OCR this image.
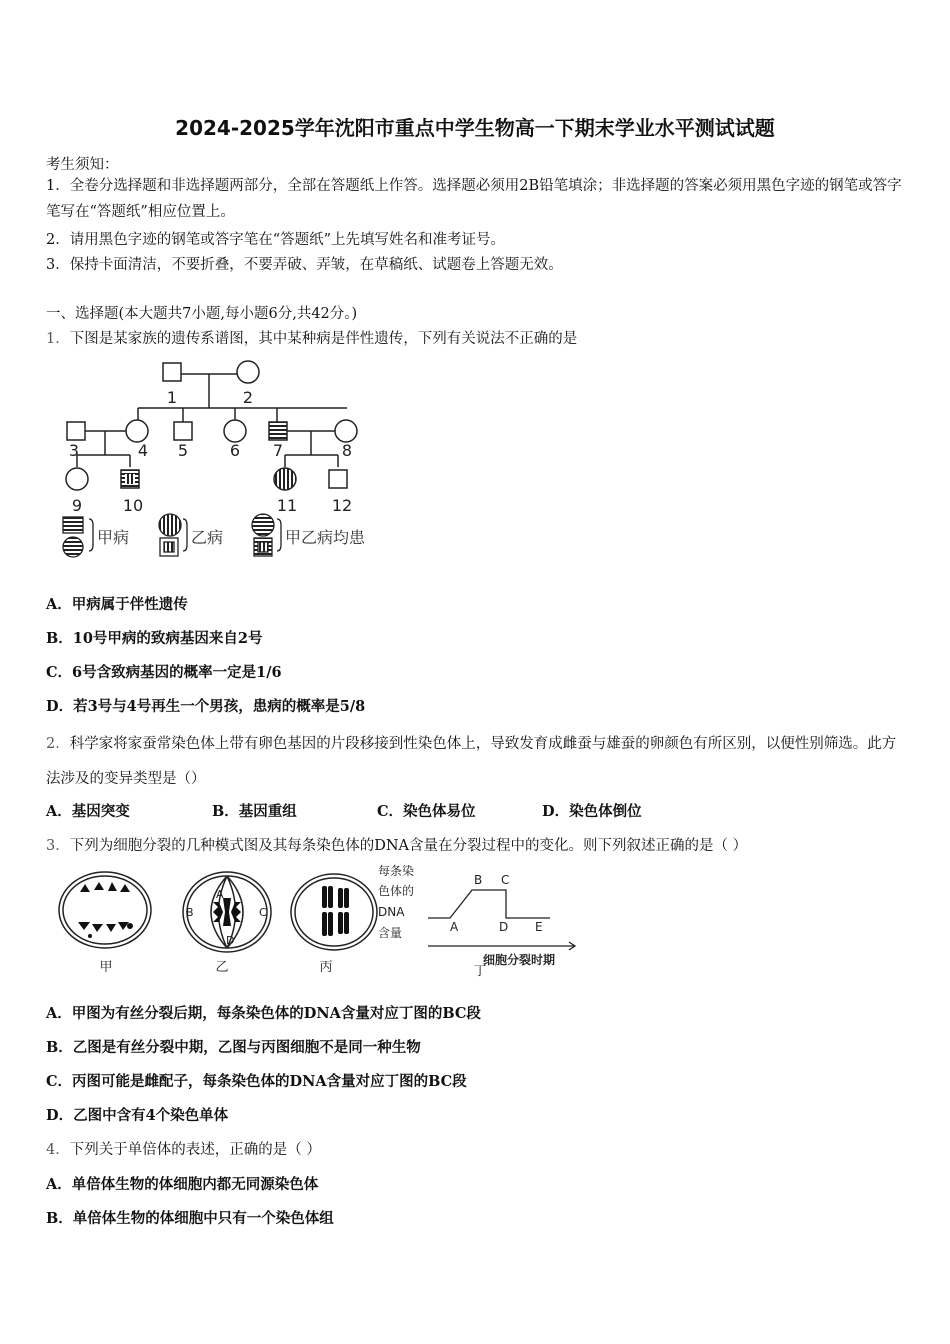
2024-2025学年沈阳市重点中学生物高一下期末学业水平测试试题
考生须知：
1．全卷分选择题和非选择题两部分，全部在答题纸上作答。选择题必须用2B铅笔填涂；非选择题的答案必须用黑色字迹的钢笔或答字笔写在“答题纸”相应位置上。
2．请用黑色字迹的钢笔或答字笔在“答题纸”上先填写姓名和准考证号。
3．保持卡面清洁，不要折叠，不要弄破、弄皱，在草稿纸、试题卷上答题无效。
一、选择题(本大题共7小题,每小题6分,共42分。)
1．下图是某家族的遗传系谱图，其中某种病是伴性遗传，下列有关说法不正确的是
1	2
3	4 5	6 7	8
9	10	11 12
甲病	乙病	甲乙病均患
A．甲病属于伴性遗传
B．10号甲病的致病基因来自2号
C．6号含致病基因的概率一定是1/6
D．若3号与4号再生一个男孩，患病的概率是5/8
2．科学家将家蚕常染色体上带有卵色基因的片段移接到性染色体上，导致发育成雌蚕与雄蚕的卵颜色有所区别，以便性别筛选。此方法涉及的变异类型是（）
A．基因突变	B．基因重组	C．染色体易位	D．染色体倒位
3．下列为细胞分裂的几种模式图及其每条染色体的DNA含量在分裂过程中的变化。则下列叙述正确的是（ ）
A
B	C
D
甲	乙	丙	丁
每条染
色体的
DNA
含量	A
B C
D E
细胞分裂时期
A．甲图为有丝分裂后期，每条染色体的DNA含量对应丁图的BC段
B．乙图是有丝分裂中期，乙图与丙图细胞不是同一种生物
C．丙图可能是雌配子，每条染色体的DNA含量对应丁图的BC段
D．乙图中含有4个染色单体
4．下列关于单倍体的表述，正确的是（ ）
A．单倍体生物的体细胞内都无同源染色体
B．单倍体生物的体细胞中只有一个染色体组
